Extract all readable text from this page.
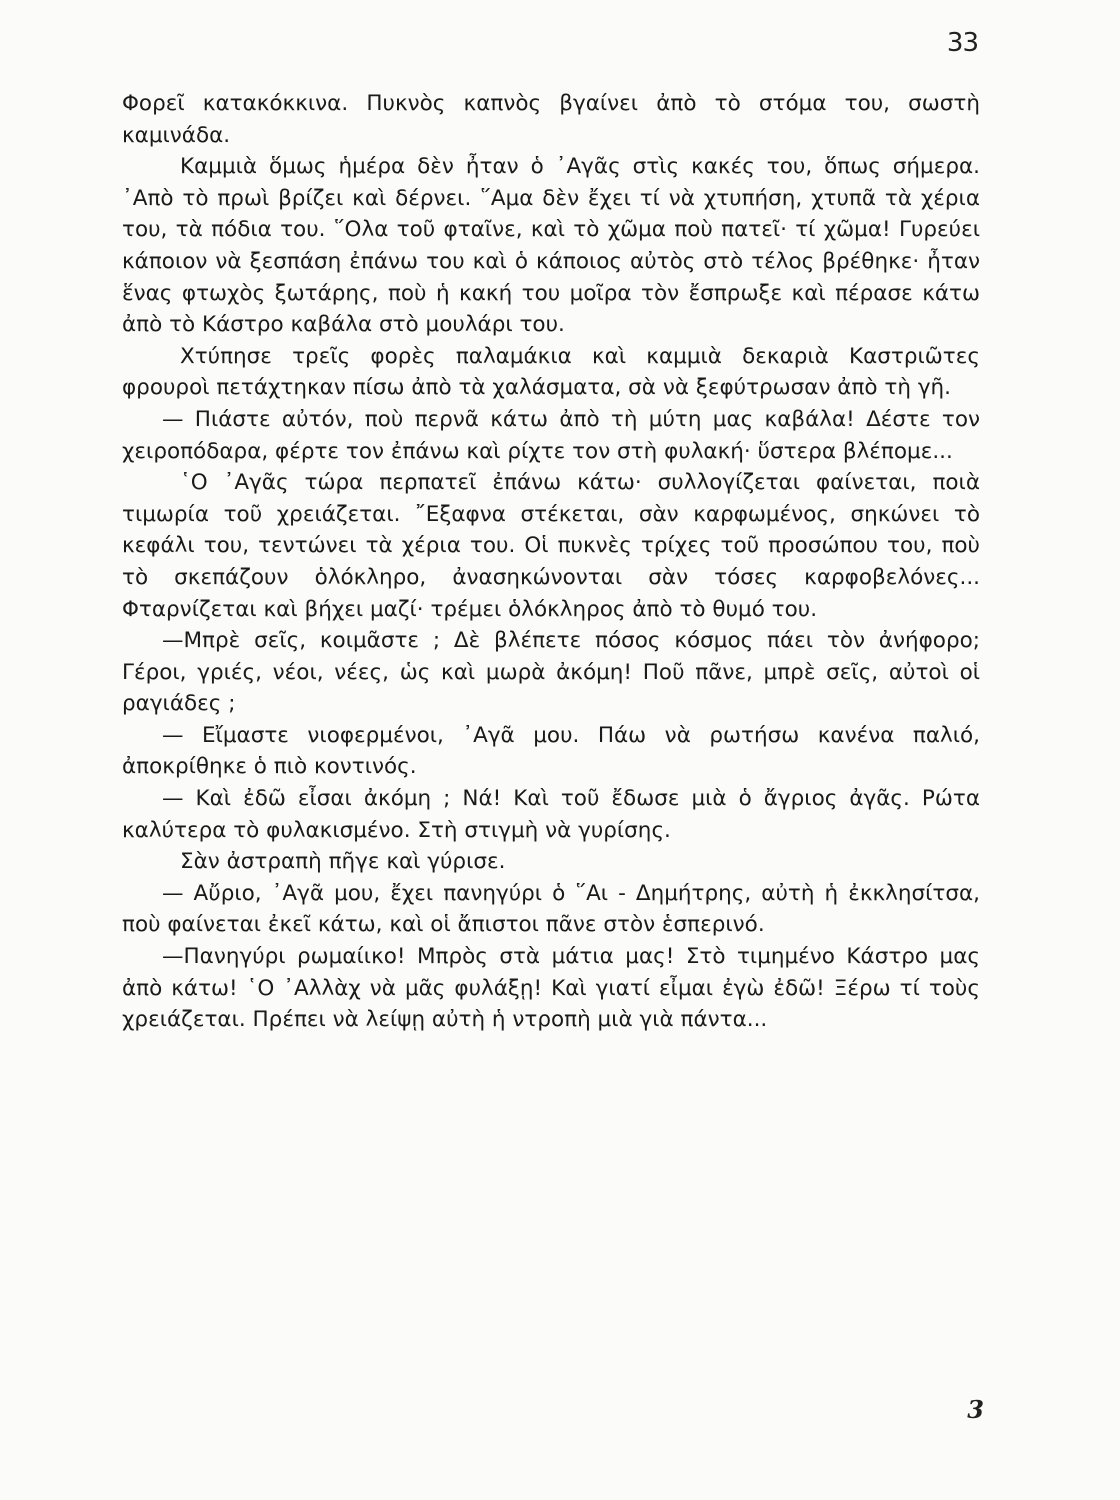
33

Φορεῖ κατακόκκινα. Πυκνὸς καπνὸς βγαίνει ἀπὸ τὸ στόμα του, σωστὴ καμινάδα.

Καμμιὰ ὅμως ἡμέρα δὲν ἦταν ὁ ᾿Αγᾶς στὶς κακές του, ὅπως σήμερα. ᾿Απὸ τὸ πρωὶ βρίζει καὶ δέρνει. ῞Αμα δὲν ἔχει τί νὰ χτυπήση, χτυπᾶ τὰ χέρια του, τὰ πόδια του. ῞Ολα τοῦ φταῖνε, καὶ τὸ χῶμα ποὺ πατεῖ· τί χῶμα! Γυρεύει κάποιον νὰ ξεσπάση ἐπάνω του καὶ ὁ κάποιος αὐτὸς στὸ τέλος βρέθηκε· ἦταν ἕνας φτωχὸς ξωτάρης, ποὺ ἡ κακή του μοῖρα τὸν ἔσπρωξε καὶ πέρασε κάτω ἀπὸ τὸ Κάστρο καβάλα στὸ μουλάρι του.

Χτύπησε τρεῖς φορὲς παλαμάκια καὶ καμμιὰ δεκαριὰ Καστριῶτες φρουροὶ πετάχτηκαν πίσω ἀπὸ τὰ χαλάσματα, σὰ νὰ ξεφύτρωσαν ἀπὸ τὴ γῆ.

— Πιάστε αὐτόν, ποὺ περνᾶ κάτω ἀπὸ τὴ μύτη μας καβάλα! Δέστε τον χειροπόδαρα, φέρτε τον ἐπάνω καὶ ρίχτε τον στὴ φυλακή· ὕστερα βλέπομε...

῾Ο ᾿Αγᾶς τώρα περπατεῖ ἐπάνω κάτω· συλλογίζεται φαίνεται, ποιὰ τιμωρία τοῦ χρειάζεται. ῎Εξαφνα στέκεται, σὰν καρφωμένος, σηκώνει τὸ κεφάλι του, τεντώνει τὰ χέρια του. Οἱ πυκνὲς τρίχες τοῦ προσώπου του, ποὺ τὸ σκεπάζουν ὁλόκληρο, ἀνασηκώνονται σὰν τόσες καρφοβελόνες... Φταρνίζεται καὶ βήχει μαζί· τρέμει ὁλόκληρος ἀπὸ τὸ θυμό του.

—Μπρὲ σεῖς, κοιμᾶστε ; Δὲ βλέπετε πόσος κόσμος πάει τὸν ἀνήφορο; Γέροι, γριές, νέοι, νέες, ὡς καὶ μωρὰ ἀκόμη! Ποῦ πᾶνε, μπρὲ σεῖς, αὐτοὶ οἱ ραγιάδες ;

— Εἴμαστε νιοφερμένοι, ᾿Αγᾶ μου. Πάω νὰ ρωτήσω κανένα παλιό, ἀποκρίθηκε ὁ πιὸ κοντινός.

— Καὶ ἐδῶ εἶσαι ἀκόμη ; Νά! Καὶ τοῦ ἔδωσε μιὰ ὁ ἄγριος ἀγᾶς. Ρώτα καλύτερα τὸ φυλακισμένο. Στὴ στιγμὴ νὰ γυρίσης.

Σὰν ἀστραπὴ πῆγε καὶ γύρισε.

— Αὔριο, ᾿Αγᾶ μου, ἔχει πανηγύρι ὁ ῞Αι - Δημήτρης, αὐτὴ ἡ ἐκκλησίτσα, ποὺ φαίνεται ἐκεῖ κάτω, καὶ οἱ ἄπιστοι πᾶνε στὸν ἑσπερινό.

—Πανηγύρι ρωμαίικο! Μπρὸς στὰ μάτια μας! Στὸ τιμημένο Κάστρο μας ἀπὸ κάτω! ῾Ο ᾿Αλλὰχ νὰ μᾶς φυλάξῃ! Καὶ γιατί εἶμαι ἐγὼ ἐδῶ! Ξέρω τί τοὺς χρειάζεται. Πρέπει νὰ λείψῃ αὐτὴ ἡ ντροπὴ μιὰ γιὰ πάντα...

3
